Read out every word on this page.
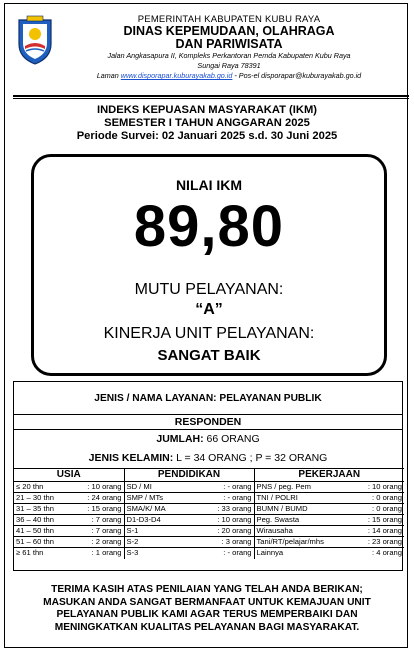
PEMERINTAH KABUPATEN KUBU RAYA
DINAS KEPEMUDAAN, OLAHRAGA
DAN PARIWISATA
Jalan Angkasapura II, Kompleks Perkantoran Pemda Kabupaten Kubu Raya
Sungai Raya 78391
Laman www.disporapar.kuburayakab.go.id - Pos-el disporapar@kuburayakab.go.id
INDEKS KEPUASAN MASYARAKAT (IKM)
SEMESTER I TAHUN ANGGARAN 2025
Periode Survei: 02 Januari 2025 s.d. 30 Juni 2025
NILAI IKM
89,80
MUTU PELAYANAN:
“A”
KINERJA UNIT PELAYANAN:
SANGAT BAIK
JENIS / NAMA LAYANAN: PELAYANAN PUBLIK
RESPONDEN
JUMLAH: 66 ORANG
JENIS KELAMIN: L = 34 ORANG ; P = 32 ORANG
USIA		PENDIDIKAN		PEKERJAAN	
≤ 20 thn	: 10 orang	SD / MI	: - orang	PNS / peg. Pem	: 10 orang
21 – 30 thn	: 24 orang	SMP / MTs	: - orang	TNI / POLRI	: 0 orang
31 – 35 thn	: 15 orang	SMA/K/ MA	: 33 orang	BUMN / BUMD	: 0 orang
36 – 40 thn	: 7 orang	D1-D3-D4	: 10 orang	Peg. Swasta	: 15 orang
41 – 50 thn	: 7 orang	S-1	: 20 orang	Wirausaha	: 14 orang
51 – 60 thn	: 2 orang	S-2	: 3 orang	Tani/RT/pelajar/mhs	: 23 orang
≥ 61 thn	: 1 orang	S-3	: - orang	Lainnya	: 4 orang
TERIMA KASIH ATAS PENILAIAN YANG TELAH ANDA BERIKAN;
MASUKAN ANDA SANGAT BERMANFAAT UNTUK KEMAJUAN UNIT
PELAYANAN PUBLIK KAMI AGAR TERUS MEMPERBAIKI DAN
MENINGKATKAN KUALITAS PELAYANAN BAGI MASYARAKAT.
